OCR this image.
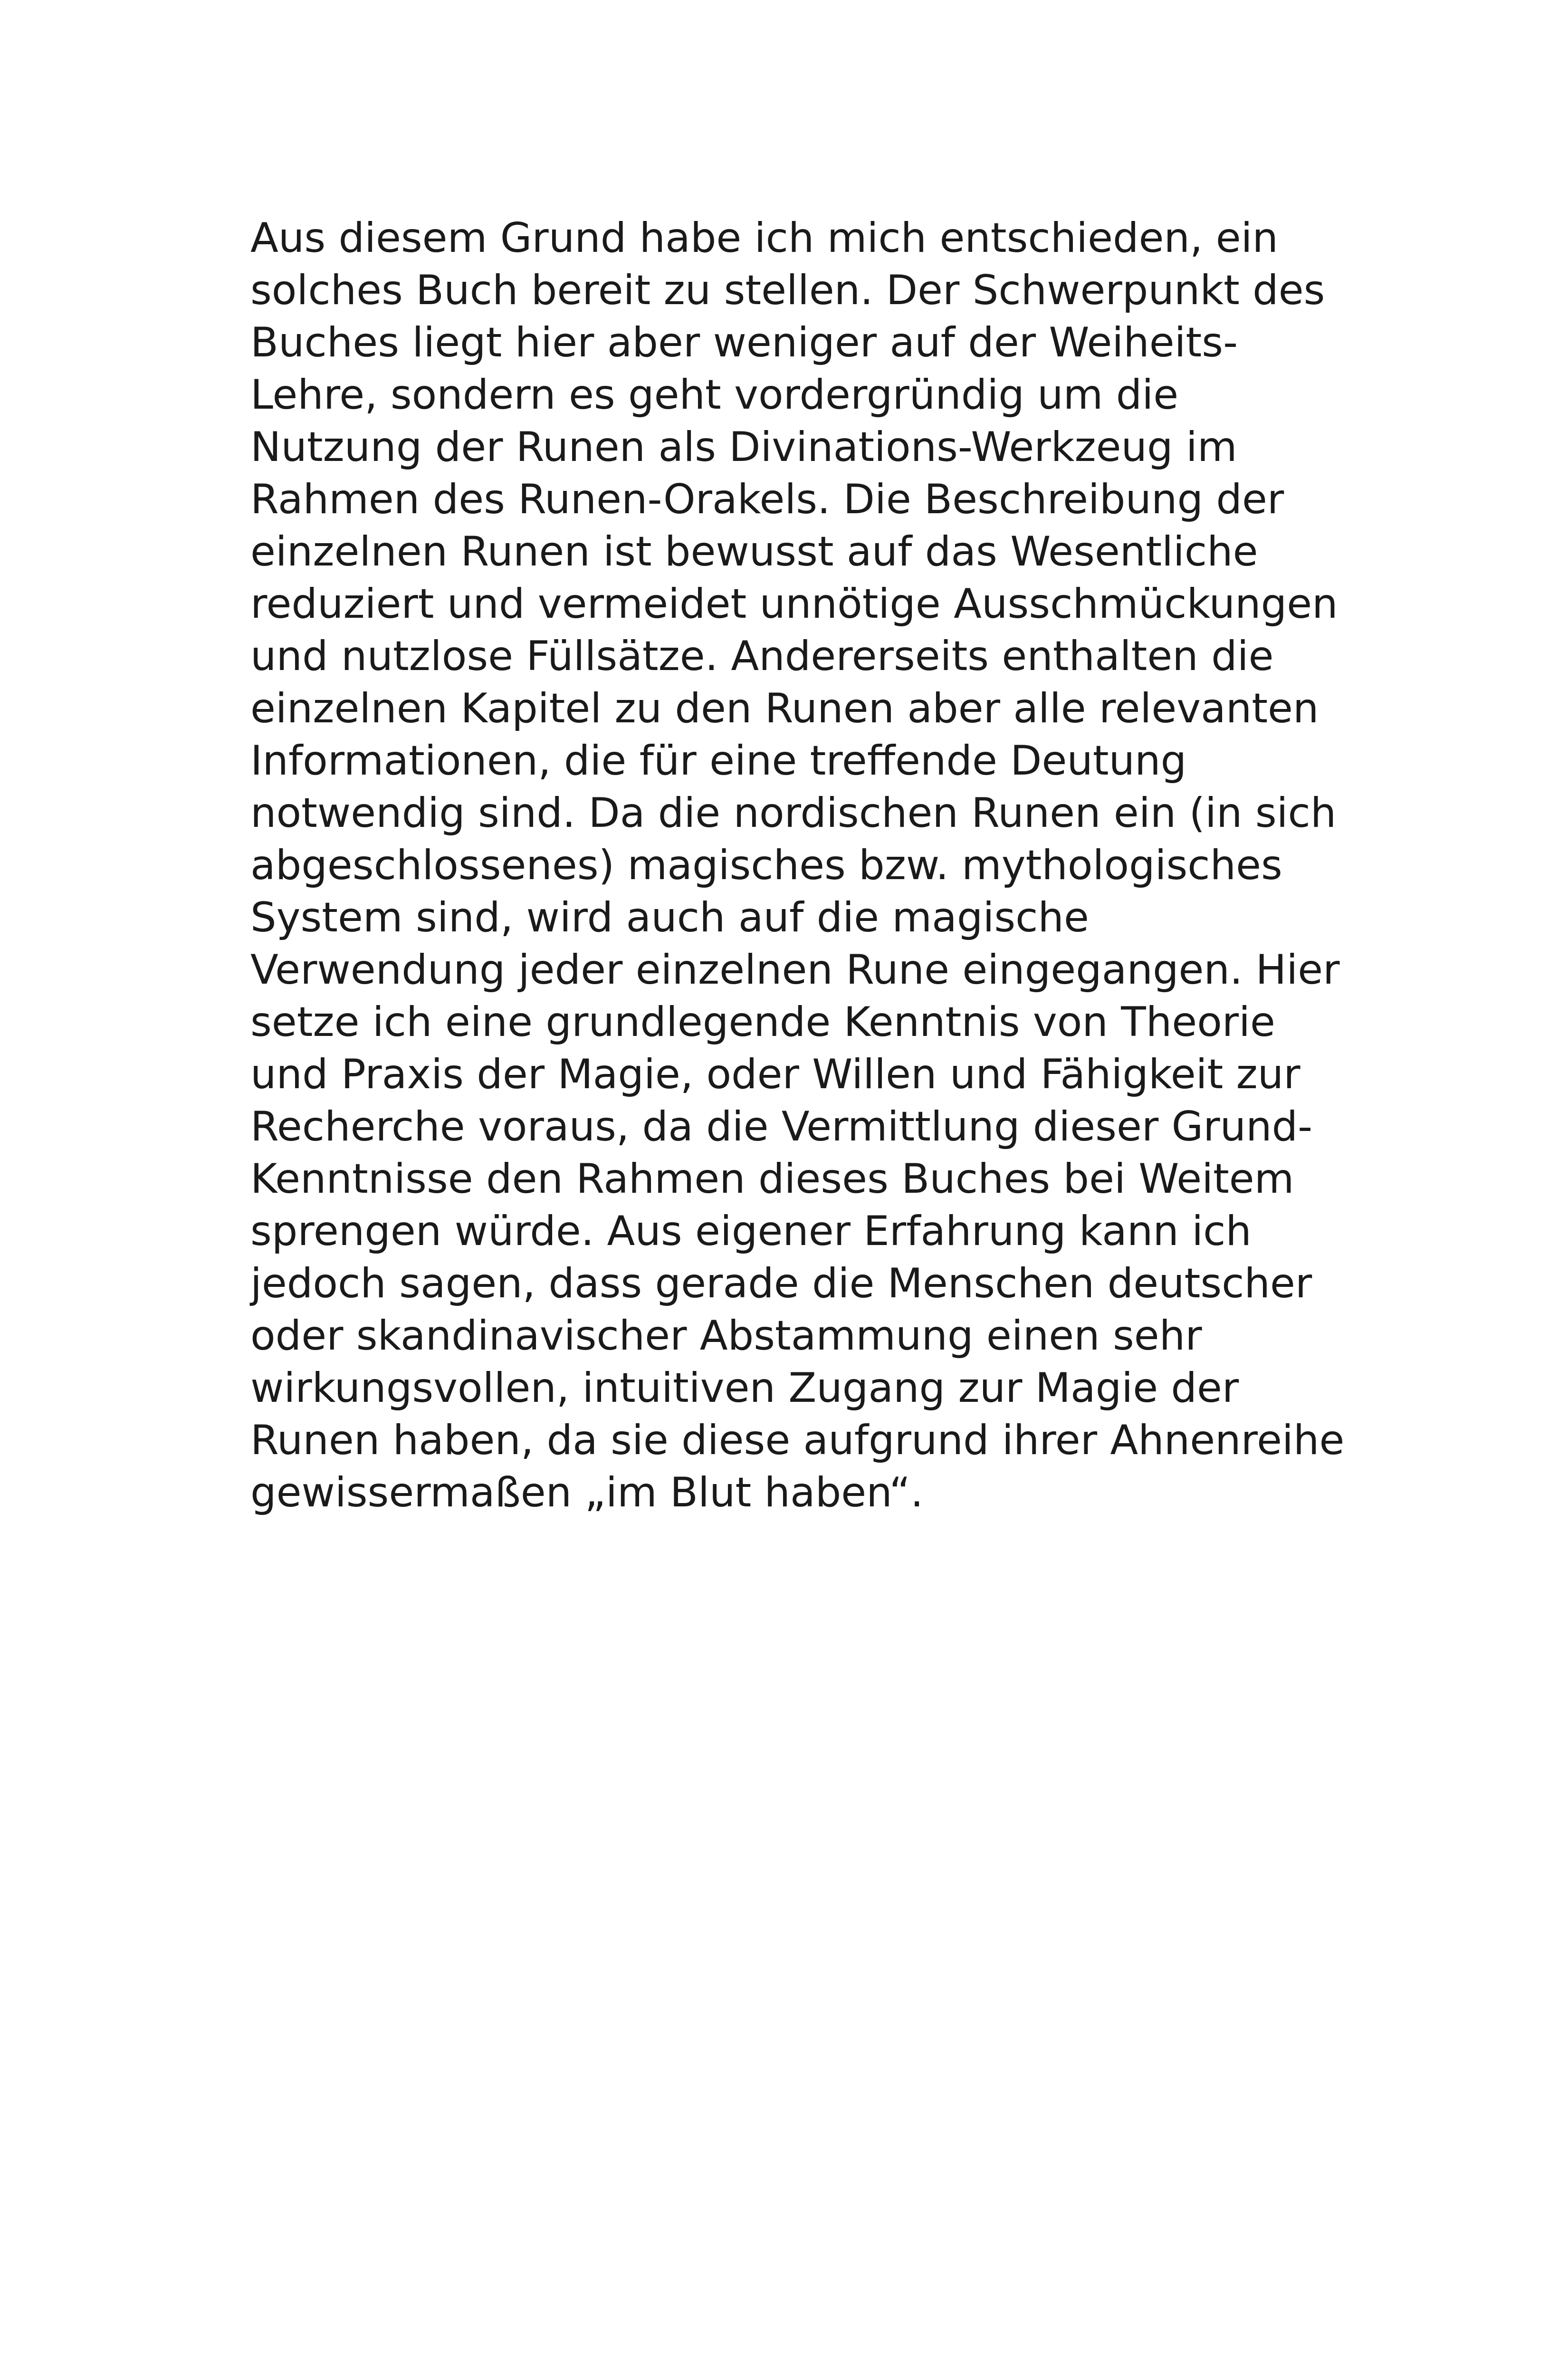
Aus diesem Grund habe ich mich entschieden, ein
solches Buch bereit zu stellen. Der Schwerpunkt des
Buches liegt hier aber weniger auf der Weiheits-
Lehre, sondern es geht vordergründig um die
Nutzung der Runen als Divinations-Werkzeug im
Rahmen des Runen-Orakels. Die Beschreibung der
einzelnen Runen ist bewusst auf das Wesentliche
reduziert und vermeidet unnötige Ausschmückungen
und nutzlose Füllsätze. Andererseits enthalten die
einzelnen Kapitel zu den Runen aber alle relevanten
Informationen, die für eine treffende Deutung
notwendig sind. Da die nordischen Runen ein (in sich
abgeschlossenes) magisches bzw. mythologisches
System sind, wird auch auf die magische
Verwendung jeder einzelnen Rune eingegangen. Hier
setze ich eine grundlegende Kenntnis von Theorie
und Praxis der Magie, oder Willen und Fähigkeit zur
Recherche voraus, da die Vermittlung dieser Grund-
Kenntnisse den Rahmen dieses Buches bei Weitem
sprengen würde. Aus eigener Erfahrung kann ich
jedoch sagen, dass gerade die Menschen deutscher
oder skandinavischer Abstammung einen sehr
wirkungsvollen, intuitiven Zugang zur Magie der
Runen haben, da sie diese aufgrund ihrer Ahnenreihe
gewissermaßen „im Blut haben“.
